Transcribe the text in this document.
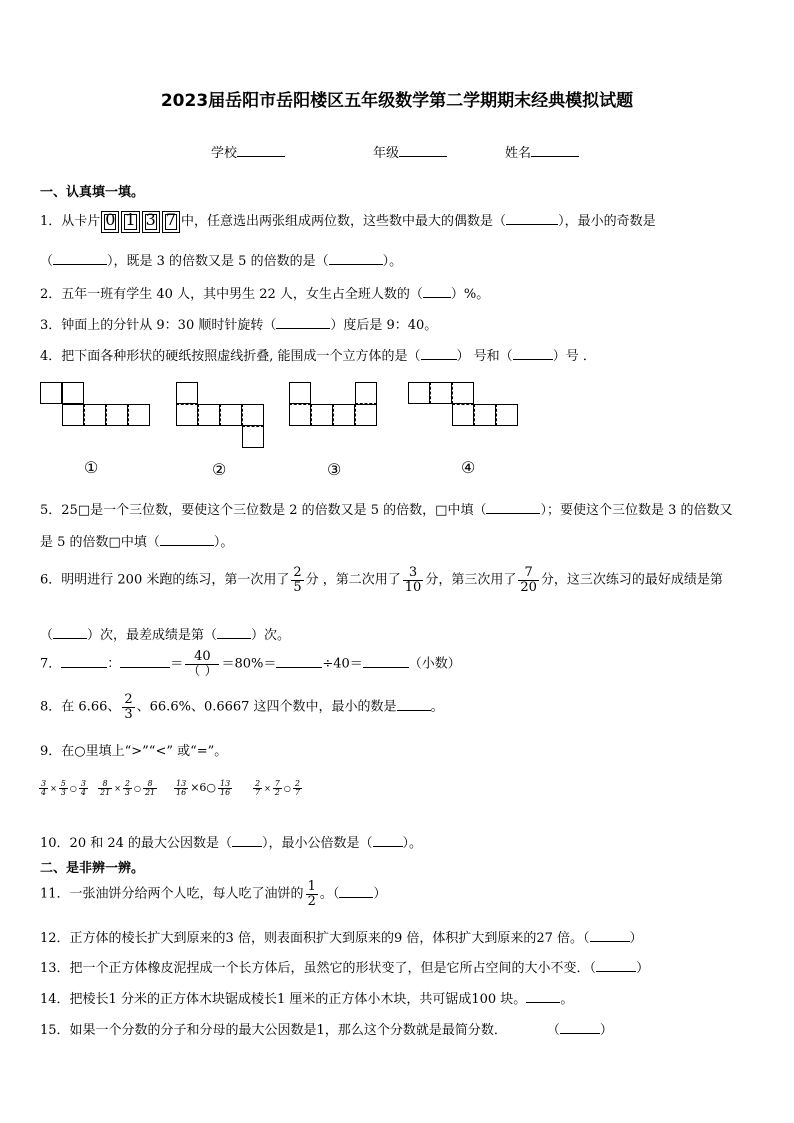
2023届岳阳市岳阳楼区五年级数学第二学期期末经典模拟试题
学校	年级	姓名
一、认真填一填。
1．从卡片 0 1 3 7 中，任意选出两张组成两位数，这些数中最大的偶数是（	），最小的奇数是
（	），既是 3 的倍数又是 5 的倍数的是（	）。
2．五年一班有学生 40 人，其中男生 22 人，女生占全班人数的（ ）%。
3．钟面上的分针从 9：30 顺时针旋转（	）度后是 9：40。
4．把下面各种形状的硬纸按照虚线折叠, 能围成一个立方体的是（	） 号和（	）号 ．
①	②	③	④
5．25□是一个三位数，要使这个三位数是 2 的倍数又是 5 的倍数，□中填（	）；要使这个三位数是 3 的倍数又
是 5 的倍数□中填（	）。
6．明明进行 200 米跑的练习，第一次用了 $\frac{2}{5}$ 分 ，第二次用了 $\frac{3}{10}$ 分，第三次用了 $\frac{7}{20}$ 分，这三次练习的最好成绩是第
（	）次，最差成绩是第（	）次。
7．	：	＝ $\frac{40}{( )} =80\%=$	÷40＝	（小数）
8．在 6.66、 $\frac{2}{3}$ 、66.6%、0.6667 这四个数中，最小的数是	。
9．在○里填上“>”“<” 或“=”。
$\frac{3}{4} \times \frac{5}{3}$ ○ $\frac{3}{4} \frac{8}{21} \times \frac{2}{3}$ ○ $\frac{8}{21} \frac{13}{16}$ ×6○ $\frac{13}{16}$	$\frac{2}{7} \times \frac{7}{2}$ ○ $\frac{2}{7}$
10．20 和 24 的最大公因数是（ ），最小公倍数是（ ）。
二、是非辨一辨。
11．一张油饼分给两个人吃，每人吃了油饼的 $\frac{1}{2}$ 。（	）
12．正方体的棱长扩大到原来的3 倍，则表面积扩大到原来的9 倍，体积扩大到原来的27 倍。（	）
13．把一个正方体橡皮泥捏成一个长方体后，虽然它的形状变了，但是它所占空间的大小不变．（	）
14．把棱长1 分米的正方体木块锯成棱长1 厘米的正方体小木块，共可锯成100 块。	。
15．如果一个分数的分子和分母的最大公因数是1，那么这个分数就是最简分数．	（	）
